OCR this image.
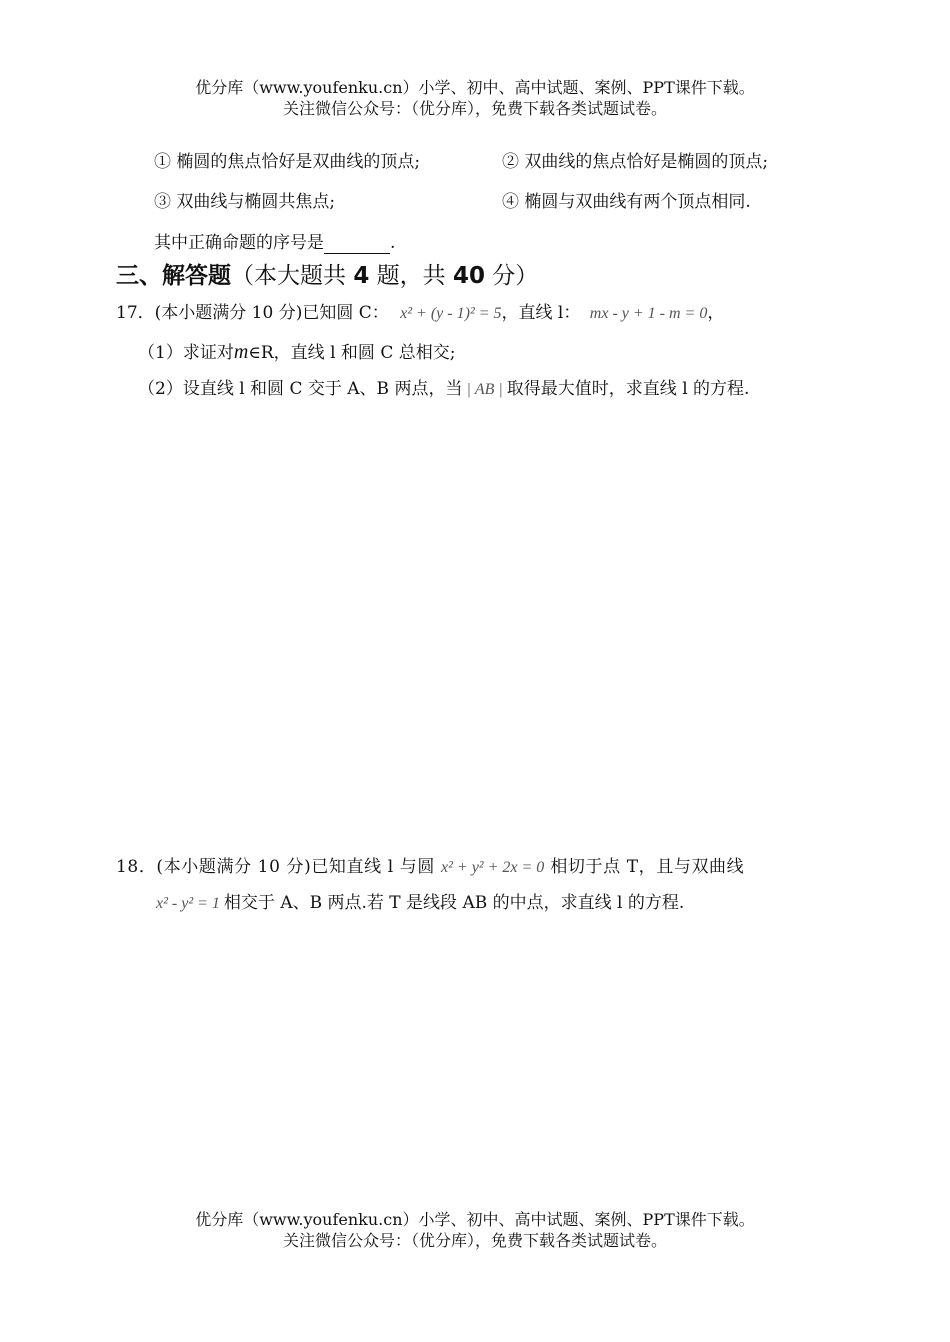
优分库（www.youfenku.cn）小学、初中、高中试题、案例、PPT课件下载。
关注微信公众号：（优分库），免费下载各类试题试卷。
① 椭圆的焦点恰好是双曲线的顶点;	② 双曲线的焦点恰好是椭圆的顶点;
③ 双曲线与椭圆共焦点;	④ 椭圆与双曲线有两个顶点相同.
其中正确命题的序号是	.
三、解答题（本大题共 4 题，共 40 分）
17．(本小题满分 10 分)已知圆 C： x² + (y - 1)² = 5，直线 l： mx - y + 1 - m = 0，
（1）求证对m∈R，直线 l 和圆 C 总相交;
（2）设直线 l 和圆 C 交于 A、B 两点，当 | AB | 取得最大值时，求直线 l 的方程.
18．(本小题满分 10 分)已知直线 l 与圆 x² + y² + 2x = 0 相切于点 T，且与双曲线
x² - y² = 1 相交于 A、B 两点.若 T 是线段 AB 的中点，求直线 l 的方程.
优分库（www.youfenku.cn）小学、初中、高中试题、案例、PPT课件下载。
关注微信公众号：（优分库），免费下载各类试题试卷。
